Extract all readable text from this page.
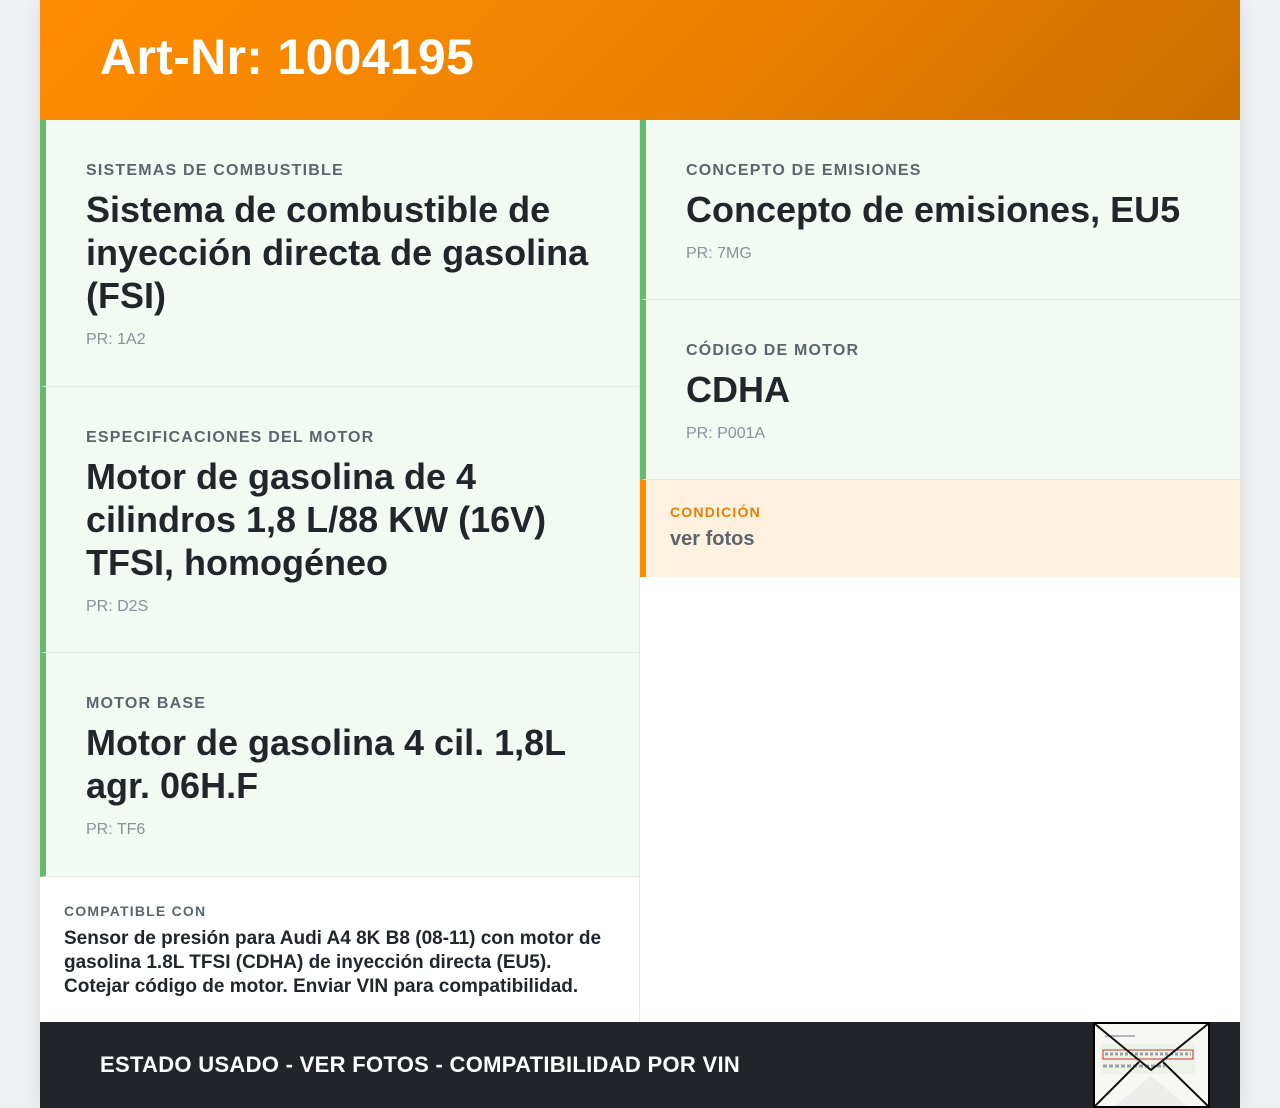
Art-Nr: 1004195
SISTEMAS DE COMBUSTIBLE
Sistema de combustible de inyección directa de gasolina (FSI)
PR: 1A2
ESPECIFICACIONES DEL MOTOR
Motor de gasolina de 4 cilindros 1,8 L/88 KW (16V) TFSI, homogéneo
PR: D2S
MOTOR BASE
Motor de gasolina 4 cil. 1,8L agr. 06H.F
PR: TF6
COMPATIBLE CON
Sensor de presión para Audi A4 8K B8 (08-11) con motor de gasolina 1.8L TFSI (CDHA) de inyección directa (EU5). Cotejar código de motor. Enviar VIN para compatibilidad.
CONCEPTO DE EMISIONES
Concepto de emisiones, EU5
PR: 7MG
CÓDIGO DE MOTOR
CDHA
PR: P001A
CONDICIÓN
ver fotos
ESTADO USADO - VER FOTOS - COMPATIBILIDAD POR VIN
